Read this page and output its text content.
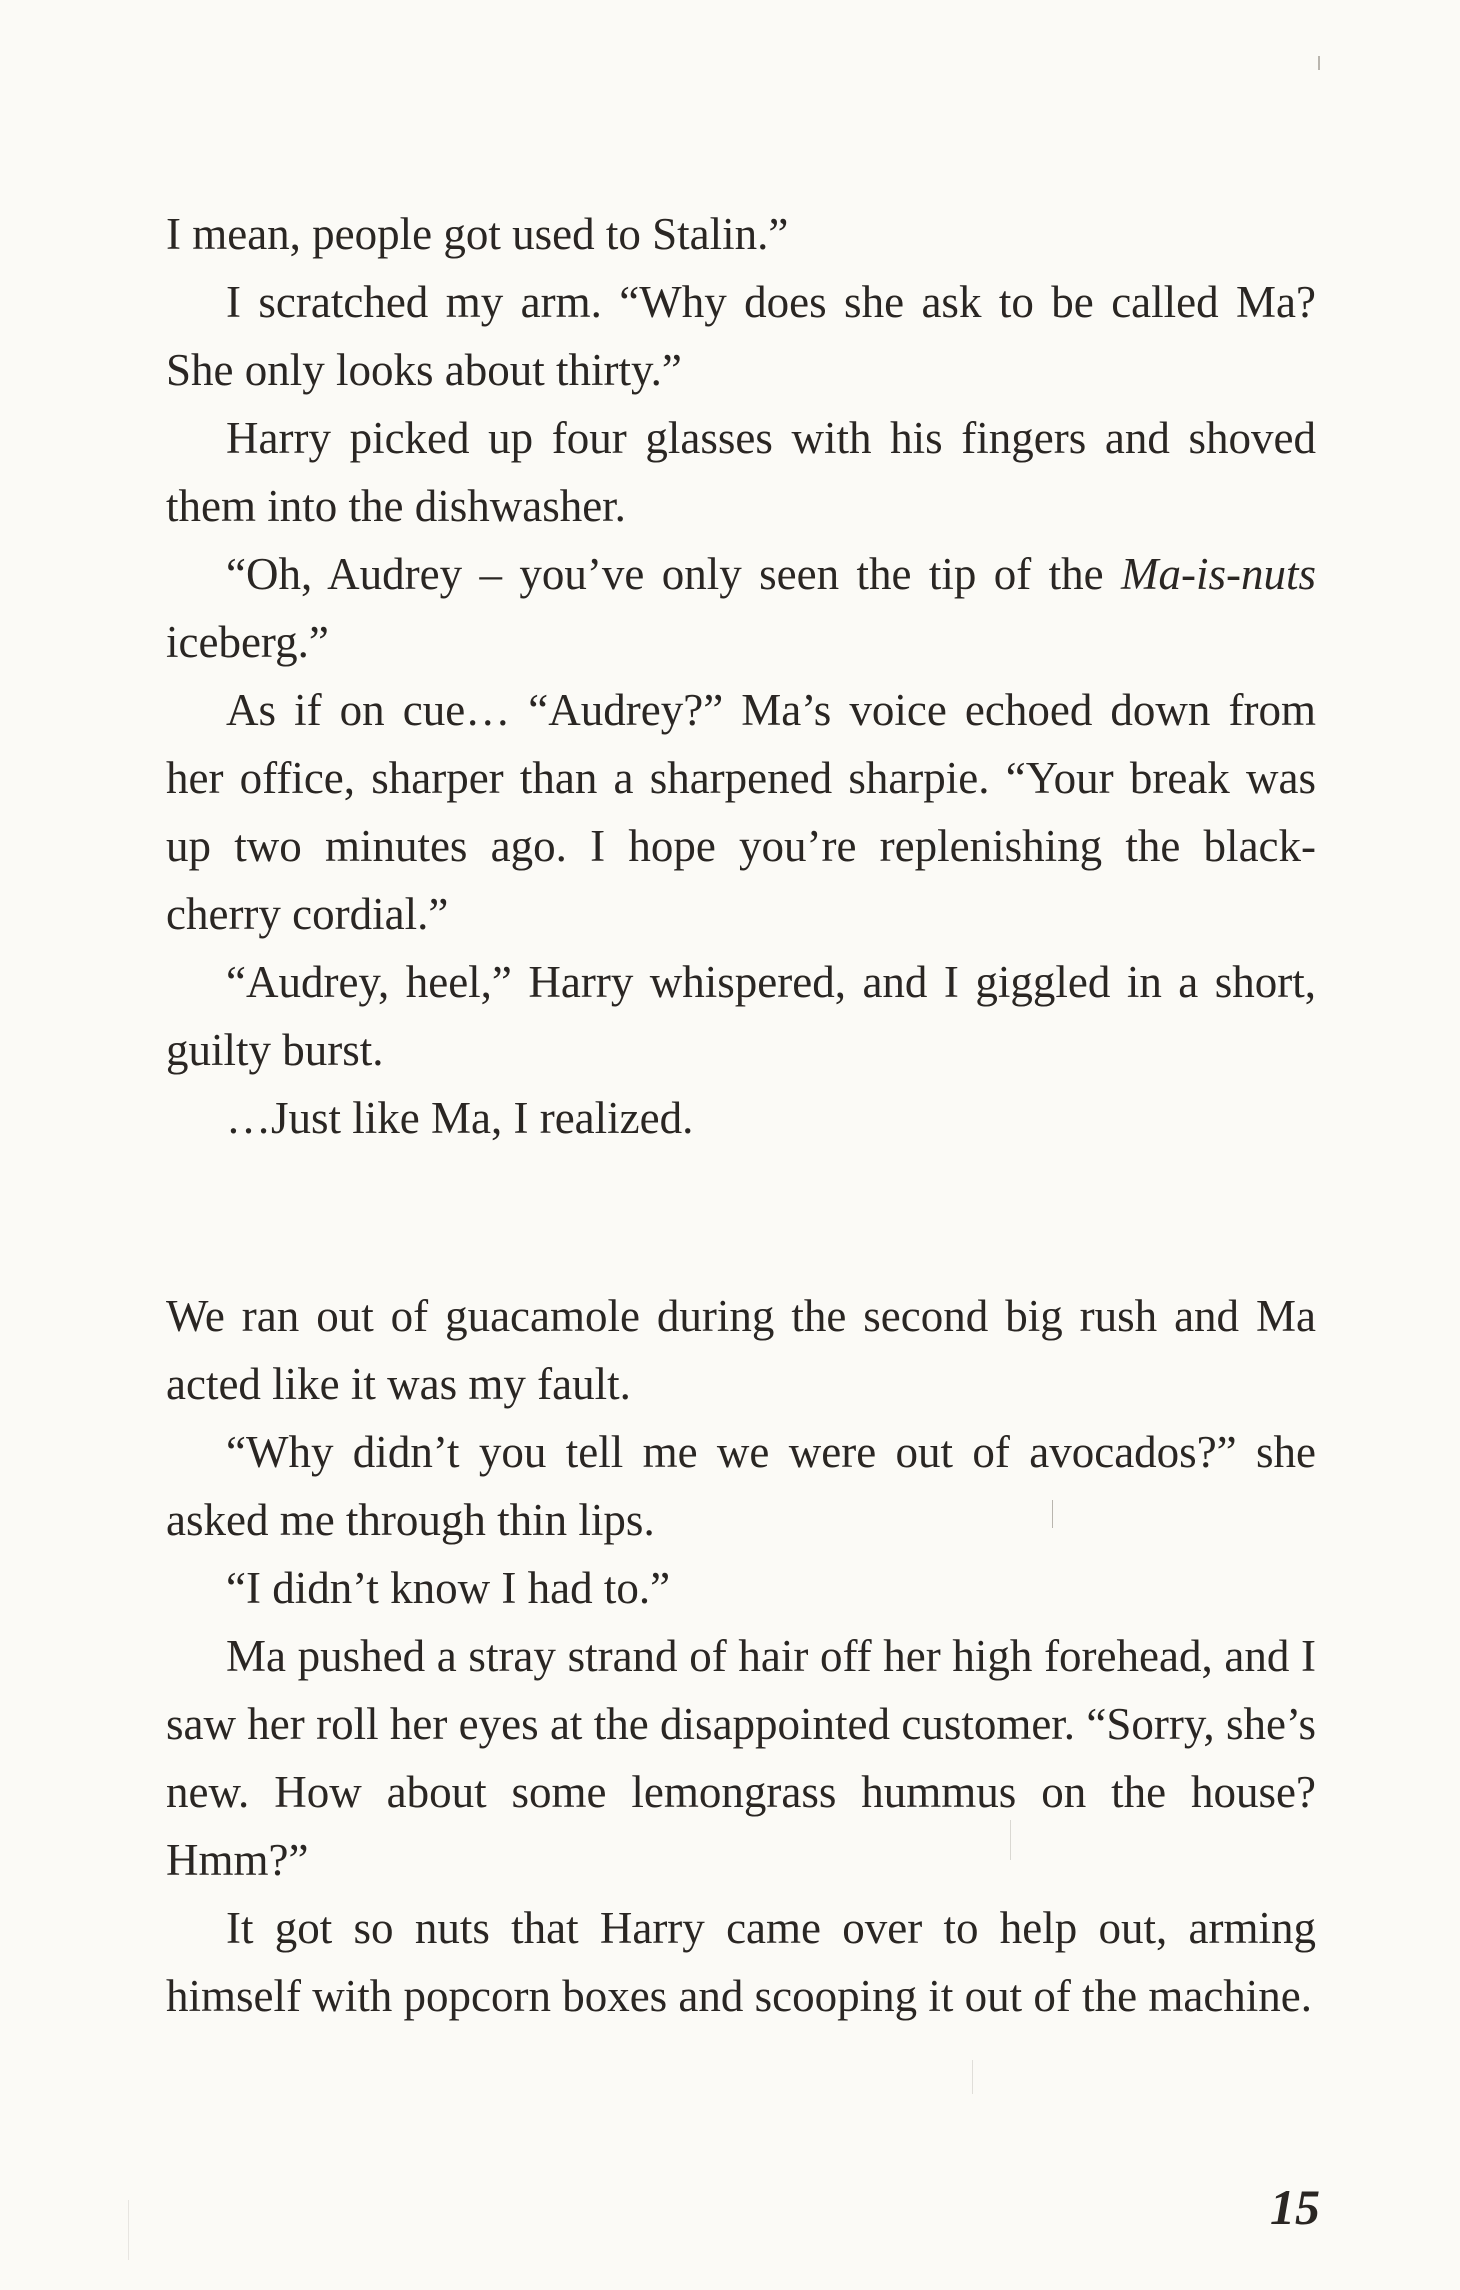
I mean, people got used to Stalin.”

I scratched my arm. “Why does she ask to be called Ma? She only looks about thirty.”

Harry picked up four glasses with his fingers and shoved them into the dishwasher.

“Oh, Audrey – you’ve only seen the tip of the Ma-is-nuts iceberg.”

As if on cue… “Audrey?” Ma’s voice echoed down from her office, sharper than a sharpened sharpie. “Your break was up two minutes ago. I hope you’re replenishing the black-cherry cordial.”

“Audrey, heel,” Harry whispered, and I giggled in a short, guilty burst.

…Just like Ma, I realized.

We ran out of guacamole during the second big rush and Ma acted like it was my fault.

“Why didn’t you tell me we were out of avocados?” she asked me through thin lips.

“I didn’t know I had to.”

Ma pushed a stray strand of hair off her high forehead, and I saw her roll her eyes at the disappointed customer. “Sorry, she’s new. How about some lemongrass hummus on the house? Hmm?”

It got so nuts that Harry came over to help out, arming himself with popcorn boxes and scooping it out of the machine.

15
